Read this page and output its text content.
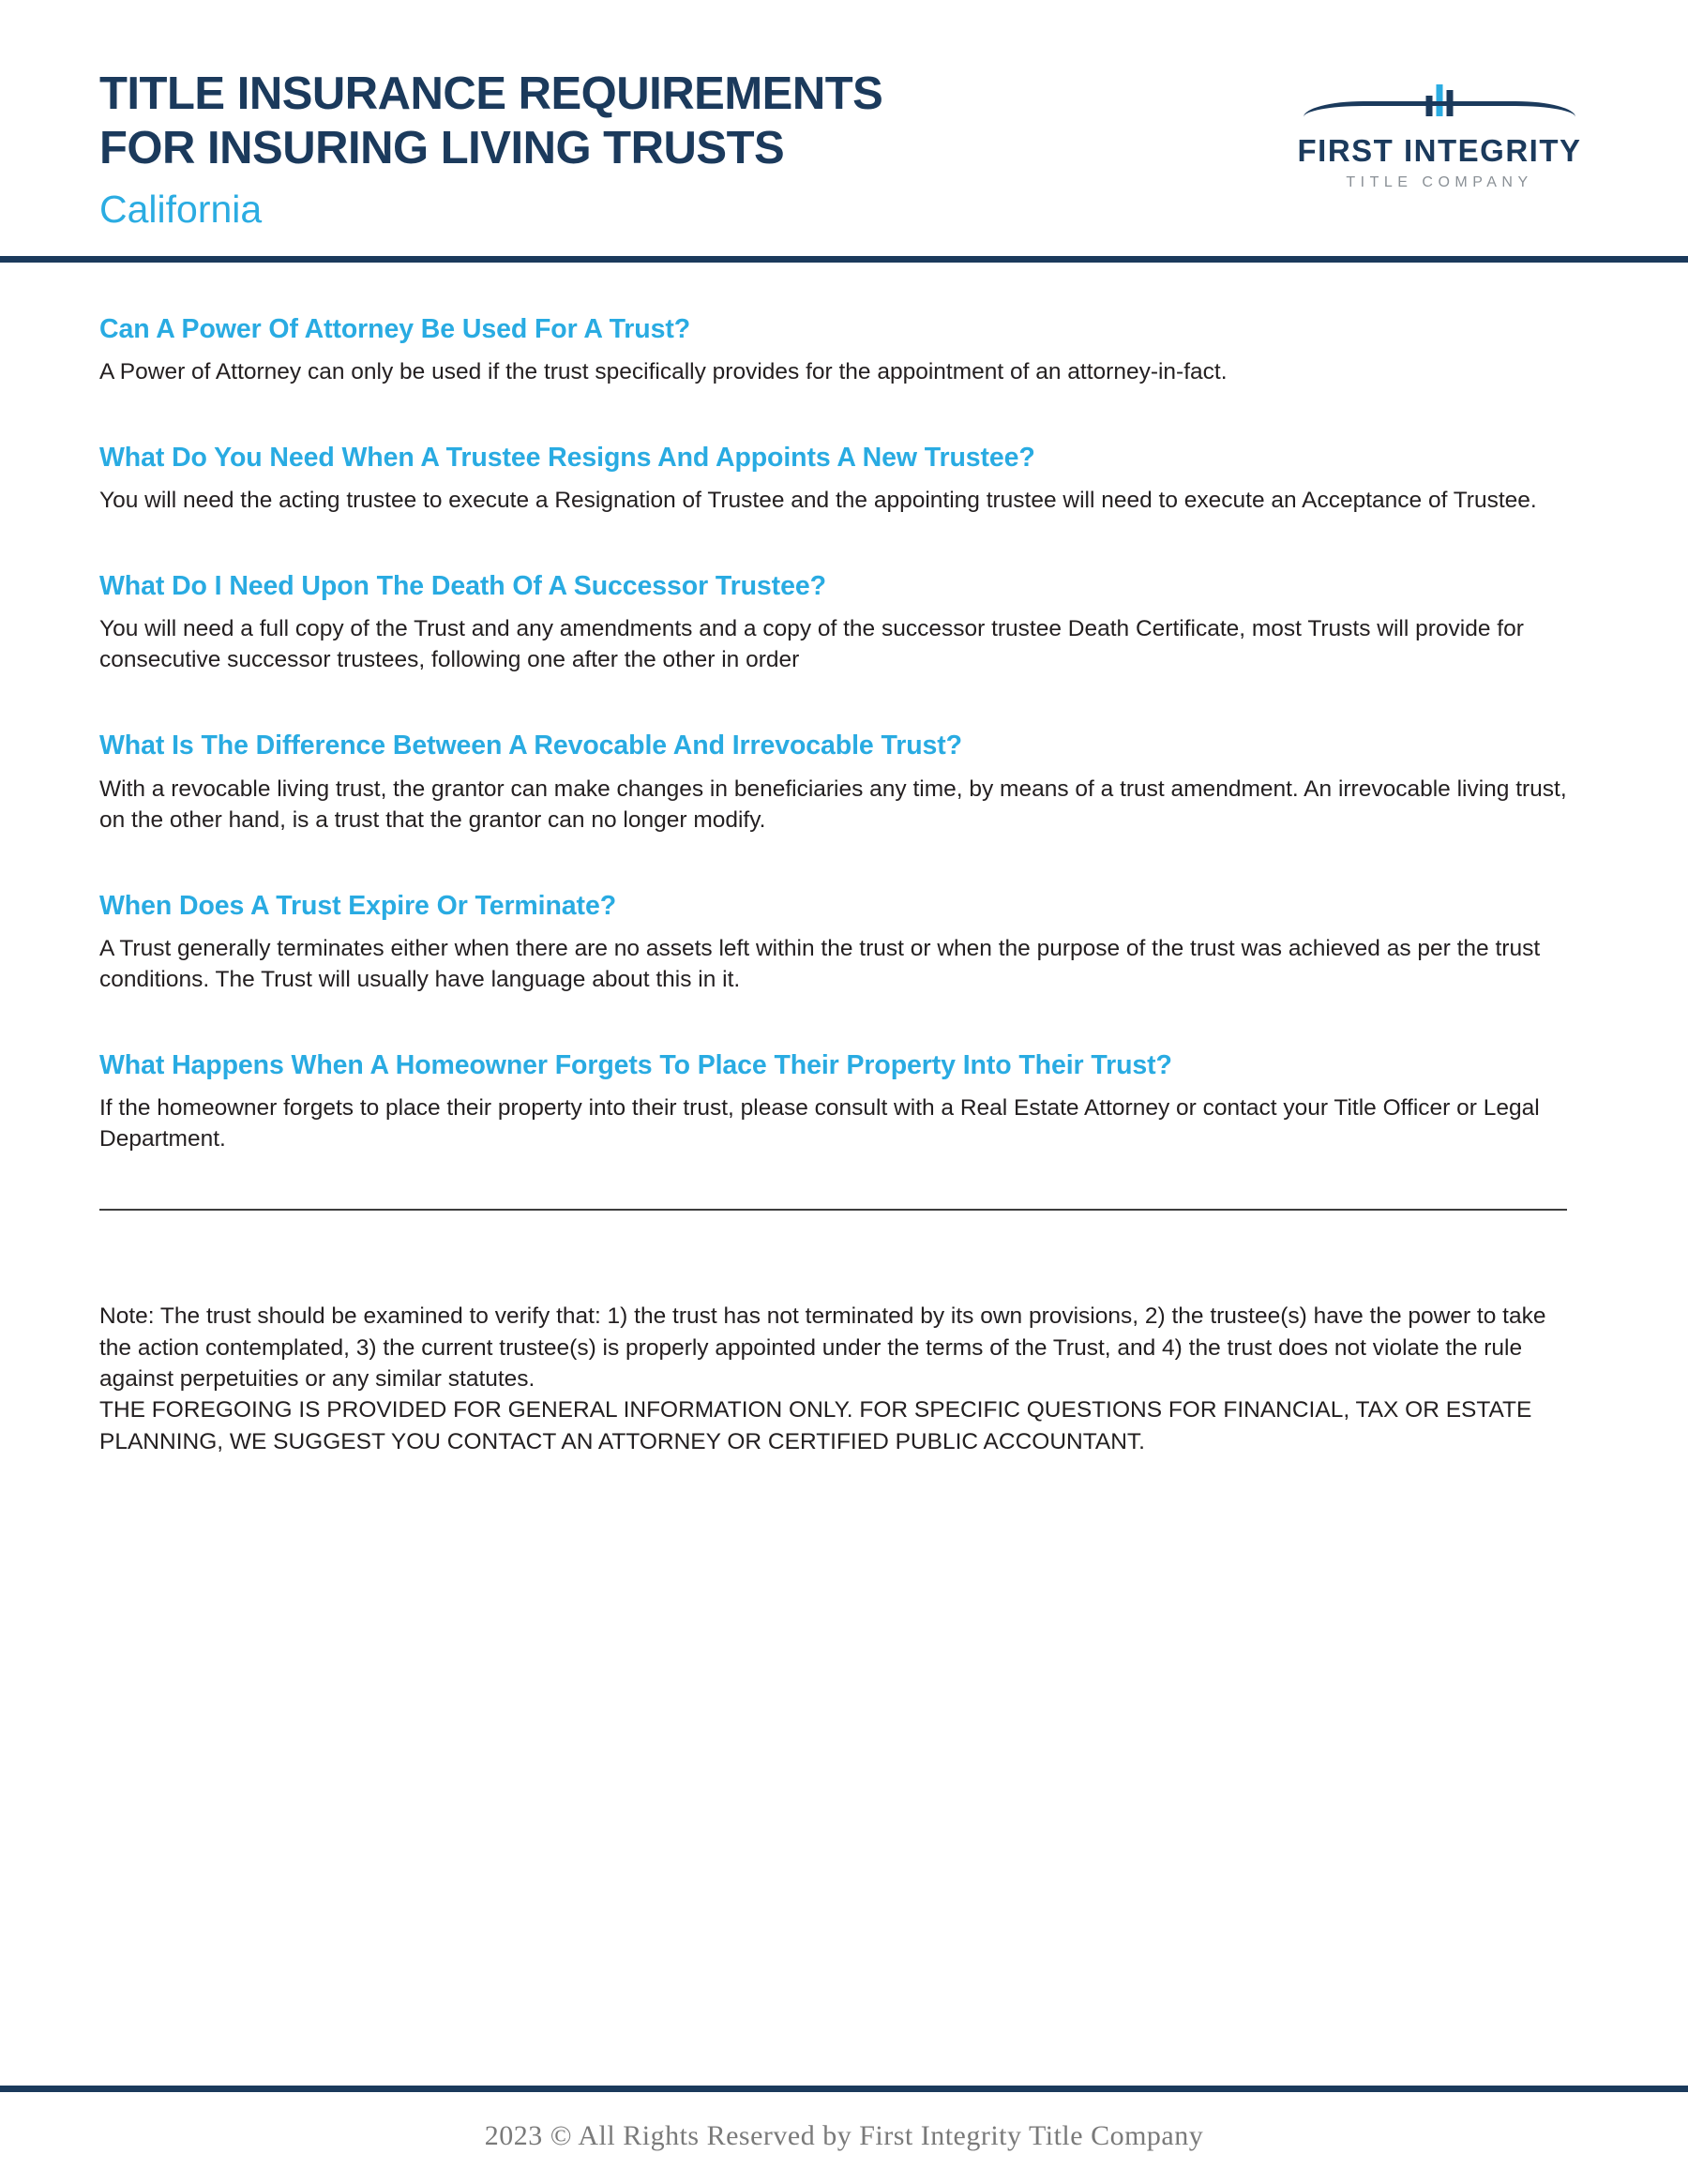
TITLE INSURANCE REQUIREMENTS
FOR INSURING LIVING TRUSTS
California
FIRST INTEGRITY
TITLE COMPANY
Can A Power Of Attorney Be Used For A Trust?

A Power of Attorney can only be used if the trust specifically provides for the appointment of an attorney-in-fact.

What Do You Need When A Trustee Resigns And Appoints A New Trustee?

You will need the acting trustee to execute a Resignation of Trustee and the appointing trustee will need to execute an Acceptance of Trustee.

What Do I Need Upon The Death Of A Successor Trustee?

You will need a full copy of the Trust and any amendments and a copy of the successor trustee Death Certificate, most Trusts will provide for consecutive successor trustees, following one after the other in order

What Is The Difference Between A Revocable And Irrevocable Trust?

With a revocable living trust, the grantor can make changes in beneficiaries any time, by means of a trust amendment. An irrevocable living trust, on the other hand, is a trust that the grantor can no longer modify.

When Does A Trust Expire Or Terminate?

A Trust generally terminates either when there are no assets left within the trust or when the purpose of the trust was achieved as per the trust conditions. The Trust will usually have language about this in it.

What Happens When A Homeowner Forgets To Place Their Property Into Their Trust?

If the homeowner forgets to place their property into their trust, please consult with a Real Estate Attorney or contact your Title Officer or Legal Department.

Note: The trust should be examined to verify that: 1) the trust has not terminated by its own provisions, 2) the trustee(s) have the power to take the action contemplated, 3) the current trustee(s) is properly appointed under the terms of the Trust, and 4) the trust does not violate the rule against perpetuities or any similar statutes.

THE FOREGOING IS PROVIDED FOR GENERAL INFORMATION ONLY. FOR SPECIFIC QUESTIONS FOR FINANCIAL, TAX OR ESTATE PLANNING, WE SUGGEST YOU CONTACT AN ATTORNEY OR CERTIFIED PUBLIC ACCOUNTANT.

2023 © All Rights Reserved by First Integrity Title Company
